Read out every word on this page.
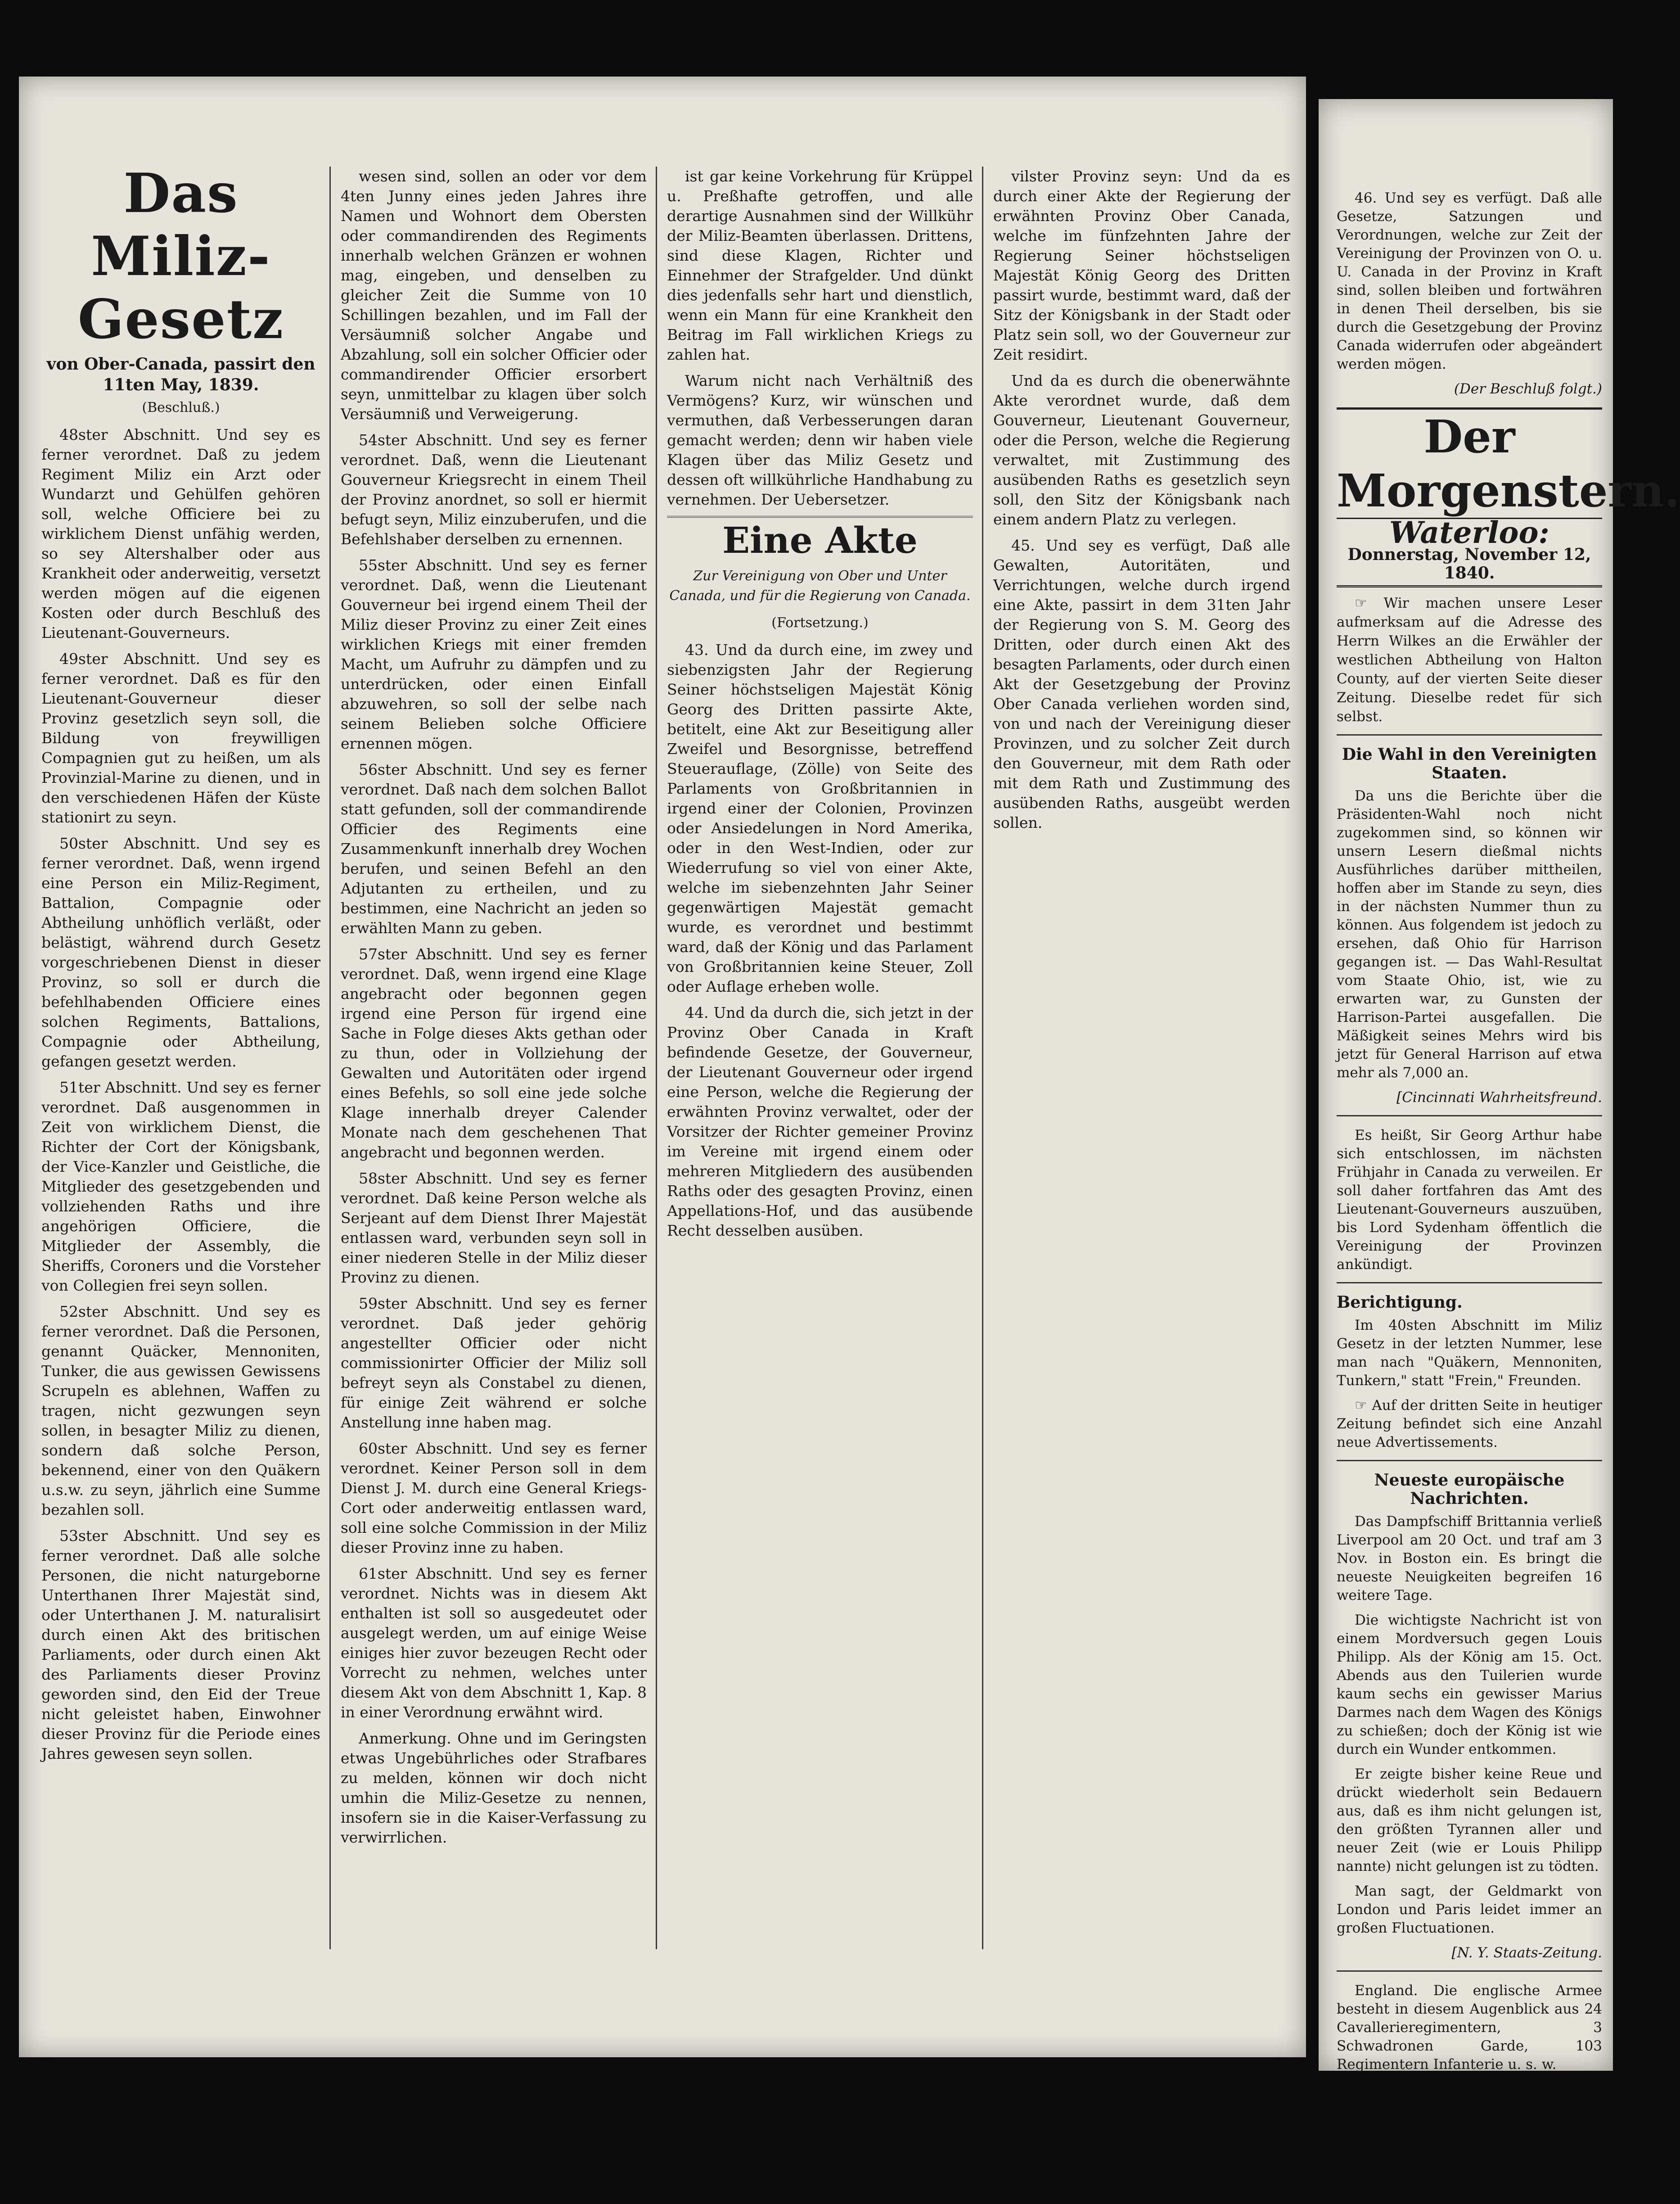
Das Miliz-Gesetz
von Ober-Canada, passirt den 11ten May, 1839.
(Beschluß.)

48ster Abschnitt. Und sey es ferner verordnet. Daß zu jedem Regiment Miliz ein Arzt oder Wundarzt und Gehülfen gehören soll, welche Officiere bei zu wirklichem Dienst unfähig werden, so sey Altershalber oder aus Krankheit oder anderweitig, versetzt werden mögen auf die eigenen Kosten oder durch Beschluß des Lieutenant-Gouverneurs.

49ster Abschnitt. Und sey es ferner verordnet. Daß es für den Lieutenant-Gouverneur dieser Provinz gesetzlich seyn soll, die Bildung von freywilligen Compagnien gut zu heißen, um als Provinzial-Marine zu dienen, und in den verschiedenen Häfen der Küste stationirt zu seyn.

50ster Abschnitt. Und sey es ferner verordnet. Daß, wenn irgend eine Person ein Miliz-Regiment, Battalion, Compagnie oder Abtheilung unhöflich verläßt, oder belästigt, während durch Gesetz vorgeschriebenen Dienst in dieser Provinz, so soll er durch die befehlhabenden Officiere eines solchen Regiments, Battalions, Compagnie oder Abtheilung, gefangen gesetzt werden.

51ter Abschnitt. Und sey es ferner verordnet. Daß ausgenommen in Zeit von wirklichem Dienst, die Richter der Cort der Königsbank, der Vice-Kanzler und Geistliche, die Mitglieder des gesetzgebenden und vollziehenden Raths und ihre angehörigen Officiere, die Mitglieder der Assembly, die Sheriffs, Coroners und die Vorsteher von Collegien frei seyn sollen.

52ster Abschnitt. Und sey es ferner verordnet. Daß die Personen, genannt Quäcker, Mennoniten, Tunker, die aus gewissen Gewissens Scrupeln es ablehnen, Waffen zu tragen, nicht gezwungen seyn sollen, in besagter Miliz zu dienen, sondern daß solche Person, bekennend, einer von den Quäkern u.s.w. zu seyn, jährlich eine Summe bezahlen soll.

53ster Abschnitt. Und sey es ferner verordnet. Daß alle solche Personen, die nicht naturgeborne Unterthanen Ihrer Majestät sind, oder Unterthanen J. M. naturalisirt durch einen Akt des britischen Parliaments, oder durch einen Akt des Parliaments dieser Provinz geworden sind, den Eid der Treue nicht geleistet haben, Einwohner dieser Provinz für die Periode eines Jahres gewesen seyn sollen.

wesen sind, sollen an oder vor dem 4ten Junny eines jeden Jahres ihre Namen und Wohnort dem Obersten oder commandirenden des Regiments innerhalb welchen Gränzen er wohnen mag, eingeben, und denselben zu gleicher Zeit die Summe von 10 Schillingen bezahlen, und im Fall der Versäumniß solcher Angabe und Abzahlung, soll ein solcher Officier oder commandirender Officier ersorbert seyn, unmittelbar zu klagen über solch Versäumniß und Verweigerung.

54ster Abschnitt. Und sey es ferner verordnet. Daß, wenn die Lieutenant Gouverneur Kriegsrecht in einem Theil der Provinz anordnet, so soll er hiermit befugt seyn, Miliz einzuberufen, und die Befehlshaber derselben zu ernennen.

55ster Abschnitt. Und sey es ferner verordnet. Daß, wenn die Lieutenant Gouverneur bei irgend einem Theil der Miliz dieser Provinz zu einer Zeit eines wirklichen Kriegs mit einer fremden Macht, um Aufruhr zu dämpfen und zu unterdrücken, oder einen Einfall abzuwehren, so soll der selbe nach seinem Belieben solche Officiere ernennen mögen.

56ster Abschnitt. Und sey es ferner verordnet. Daß nach dem solchen Ballot statt gefunden, soll der commandirende Officier des Regiments eine Zusammenkunft innerhalb drey Wochen berufen, und seinen Befehl an den Adjutanten zu ertheilen, und zu bestimmen, eine Nachricht an jeden so erwählten Mann zu geben.

57ster Abschnitt. Und sey es ferner verordnet. Daß, wenn irgend eine Klage angebracht oder begonnen gegen irgend eine Person für irgend eine Sache in Folge dieses Akts gethan oder zu thun, oder in Vollziehung der Gewalten und Autoritäten oder irgend eines Befehls, so soll eine jede solche Klage innerhalb dreyer Calender Monate nach dem geschehenen That angebracht und begonnen werden.

58ster Abschnitt. Und sey es ferner verordnet. Daß keine Person welche als Serjeant auf dem Dienst Ihrer Majestät entlassen ward, verbunden seyn soll in einer niederen Stelle in der Miliz dieser Provinz zu dienen.

59ster Abschnitt. Und sey es ferner verordnet. Daß jeder gehörig angestellter Officier oder nicht commissionirter Officier der Miliz soll befreyt seyn als Constabel zu dienen, für einige Zeit während er solche Anstellung inne haben mag.

60ster Abschnitt. Und sey es ferner verordnet. Keiner Person soll in dem Dienst J. M. durch eine General Kriegs-Cort oder anderweitig entlassen ward, soll eine solche Commission in der Miliz dieser Provinz inne zu haben.

61ster Abschnitt. Und sey es ferner verordnet. Nichts was in diesem Akt enthalten ist soll so ausgedeutet oder ausgelegt werden, um auf einige Weise einiges hier zuvor bezeugen Recht oder Vorrecht zu nehmen, welches unter diesem Akt von dem Abschnitt 1, Kap. 8 in einer Verordnung erwähnt wird.

Anmerkung. Ohne und im Geringsten etwas Ungebührliches oder Strafbares zu melden, können wir doch nicht umhin die Miliz-Gesetze zu nennen, insofern sie in die Kaiser-Verfassung zu verwirrlichen.

ist gar keine Vorkehrung für Krüppel u. Preßhafte getroffen, und alle derartige Ausnahmen sind der Willkühr der Miliz-Beamten überlassen. Drittens, sind diese Klagen, Richter und Einnehmer der Strafgelder. Und dünkt dies jedenfalls sehr hart und dienstlich, wenn ein Mann für eine Krankheit den Beitrag im Fall wirklichen Kriegs zu zahlen hat.

Warum nicht nach Verhältniß des Vermögens? Kurz, wir wünschen und vermuthen, daß Verbesserungen daran gemacht werden; denn wir haben viele Klagen über das Miliz Gesetz und dessen oft willkührliche Handhabung zu vernehmen. Der Uebersetzer.

Eine Akte
Zur Vereinigung von Ober und Unter Canada, und für die Regierung von Canada.
(Fortsetzung.)

43. Und da durch eine, im zwey und siebenzigsten Jahr der Regierung Seiner höchstseligen Majestät König Georg des Dritten passirte Akte, betitelt, eine Akt zur Beseitigung aller Zweifel und Besorgnisse, betreffend Steuerauflage, (Zölle) von Seite des Parlaments von Großbritannien in irgend einer der Colonien, Provinzen oder Ansiedelungen in Nord Amerika, oder in den West-Indien, oder zur Wiederrufung so viel von einer Akte, welche im siebenzehnten Jahr Seiner gegenwärtigen Majestät gemacht wurde, es verordnet und bestimmt ward, daß der König und das Parlament von Großbritannien keine Steuer, Zoll oder Auflage erheben wolle.

44. Und da durch die, sich jetzt in der Provinz Ober Canada in Kraft befindende Gesetze, der Gouverneur, der Lieutenant Gouverneur oder irgend eine Person, welche die Regierung der erwähnten Provinz verwaltet, oder der Vorsitzer der Richter gemeiner Provinz im Vereine mit irgend einem oder mehreren Mitgliedern des ausübenden Raths oder des gesagten Provinz, einen Appellations-Hof, und das ausübende Recht desselben ausüben.

vilster Provinz seyn: Und da es durch einer Akte der Regierung der erwähnten Provinz Ober Canada, welche im fünfzehnten Jahre der Regierung Seiner höchstseligen Majestät König Georg des Dritten passirt wurde, bestimmt ward, daß der Sitz der Königsbank in der Stadt oder Platz sein soll, wo der Gouverneur zur Zeit residirt.

Und da es durch die obenerwähnte Akte verordnet wurde, daß dem Gouverneur, Lieutenant Gouverneur, oder die Person, welche die Regierung verwaltet, mit Zustimmung des ausübenden Raths es gesetzlich seyn soll, den Sitz der Königsbank nach einem andern Platz zu verlegen.

45. Und sey es verfügt, Daß alle Gewalten, Autoritäten, und Verrichtungen, welche durch irgend eine Akte, passirt in dem 31ten Jahr der Regierung von S. M. Georg des Dritten, oder durch einen Akt des besagten Parlaments, oder durch einen Akt der Gesetzgebung der Provinz Ober Canada verliehen worden sind, von und nach der Vereinigung dieser Provinzen, und zu solcher Zeit durch den Gouverneur, mit dem Rath oder mit dem Rath und Zustimmung des ausübenden Raths, ausgeübt werden sollen.

46. Und sey es verfügt. Daß alle Gesetze, Satzungen und Verordnungen, welche zur Zeit der Vereinigung der Provinzen von O. u. U. Canada in der Provinz in Kraft sind, sollen bleiben und fortwähren in denen Theil derselben, bis sie durch die Gesetzgebung der Provinz Canada widerrufen oder abgeändert werden mögen.

(Der Beschluß folgt.)

Der Morgenstern.
Waterloo:
Donnerstag, November 12, 1840.

☞ Wir machen unsere Leser aufmerksam auf die Adresse des Herrn Wilkes an die Erwähler der westlichen Abtheilung von Halton County, auf der vierten Seite dieser Zeitung. Dieselbe redet für sich selbst.

Die Wahl in den Vereinigten Staaten.

Da uns die Berichte über die Präsidenten-Wahl noch nicht zugekommen sind, so können wir unsern Lesern dießmal nichts Ausführliches darüber mittheilen, hoffen aber im Stande zu seyn, dies in der nächsten Nummer thun zu können. Aus folgendem ist jedoch zu ersehen, daß Ohio für Harrison gegangen ist. — Das Wahl-Resultat vom Staate Ohio, ist, wie zu erwarten war, zu Gunsten der Harrison-Partei ausgefallen. Die Mäßigkeit seines Mehrs wird bis jetzt für General Harrison auf etwa mehr als 7,000 an.

[Cincinnati Wahrheitsfreund.

Es heißt, Sir Georg Arthur habe sich entschlossen, im nächsten Frühjahr in Canada zu verweilen. Er soll daher fortfahren das Amt des Lieutenant-Gouverneurs auszuüben, bis Lord Sydenham öffentlich die Vereinigung der Provinzen ankündigt.

Berichtigung.

Im 40sten Abschnitt im Miliz Gesetz in der letzten Nummer, lese man nach "Quäkern, Mennoniten, Tunkern," statt "Frein," Freunden.

☞ Auf der dritten Seite in heutiger Zeitung befindet sich eine Anzahl neue Advertissements.

Neueste europäische Nachrichten.

Das Dampfschiff Brittannia verließ Liverpool am 20 Oct. und traf am 3 Nov. in Boston ein. Es bringt die neueste Neuigkeiten begreifen 16 weitere Tage.

Die wichtigste Nachricht ist von einem Mordversuch gegen Louis Philipp. Als der König am 15. Oct. Abends aus den Tuilerien wurde kaum sechs ein gewisser Marius Darmes nach dem Wagen des Königs zu schießen; doch der König ist wie durch ein Wunder entkommen.

Er zeigte bisher keine Reue und drückt wiederholt sein Bedauern aus, daß es ihm nicht gelungen ist, den größten Tyrannen aller und neuer Zeit (wie er Louis Philipp nannte) nicht gelungen ist zu tödten.

Man sagt, der Geldmarkt von London und Paris leidet immer an großen Fluctuationen.

[N. Y. Staats-Zeitung.

England. Die englische Armee besteht in diesem Augenblick aus 24 Cavallerieregimentern, 3 Schwadronen Garde, 103 Regimentern Infanterie u. s. w.
